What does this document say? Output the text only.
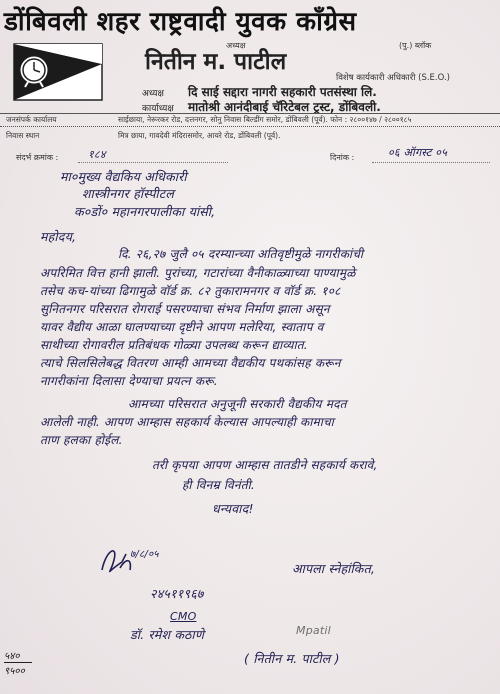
डोंबिवली शहर राष्ट्रवादी युवक काँग्रेस
अध्यक्ष	(पु.) ब्लॉक
नितीन म. पाटील
विशेष कार्यकारी अधिकारी (S.E.O.)
अध्यक्ष दि साई सद्दारा नागरी सहकारी पतसंस्था लि.
कार्याध्यक्ष मातोश्री आनंदीबाई चॅरिटेबल ट्रस्ट, डोंबिवली.
जनसंपर्क कार्यालय	साईछाया, नेरूरकर रोड, दत्तनगर, सोनु निवास बिल्डींग समोर, डोंबिवली (पूर्व). फोन : २८००१४७ / २८००१८५
निवास स्थान	मित्र छाया, गावदेवी मंदिरासमोर, आयरे रोड, डोंबिवली (पूर्व).
संदर्भ क्रमांक :	१८४	दिनांक :	०६ ऑगस्ट ०५
मा०मुख्य वैद्यकिय अधिकारी
शास्त्रीनगर हॉस्पीटल
क०डों० महानगरपालीका यांसी,
महोदय,
दि. २६,२७ जुलै ०५ दरम्यान्च्या अतिवृष्टीमुळे नागरीकांची
अपरिमित वित्त हानी झाली. पुरांच्या, गटारांच्या वैनीकाळ्याच्या पाण्यामुळे
तसेच कच-यांच्या ढिगामुळे वॉर्ड क्र. ८२ तुकारामनगर व वॉर्ड क्र. १०८
सुनितनगर परिसरात रोगराई पसरण्याचा संभव निर्माण झाला असून
यावर वैद्यीय आळा घालण्याच्या दृष्टीने आपण मलेरिया, स्वाताप व
साथीच्या रोगावरील प्रतिबंधक गोळ्या उपलब्ध करून द्याव्यात.
त्याचे सिलसिलेबद्ध वितरण आम्ही आमच्या वैद्यकीय पथकांसह करून
नागरीकांना दिलासा देण्याचा प्रयत्न करू.
आमच्या परिसरात अनुजूनी सरकारी वैद्यकीय मदत
आलेली नाही. आपण आम्हास सहकार्य केल्यास आपल्याही कामाचा
ताण हलका होईल.
तरी कृपया आपण आम्हास तातडीने सहकार्य करावे,
ही विनम्र विनंती.
धन्यवाद!
७/८/०५
२४५११९६७
CMO
डॉ. रमेश कठाणे
आपला स्नेहांकित,
Mpatil
( नितीन म. पाटील )
५४०
९५००
